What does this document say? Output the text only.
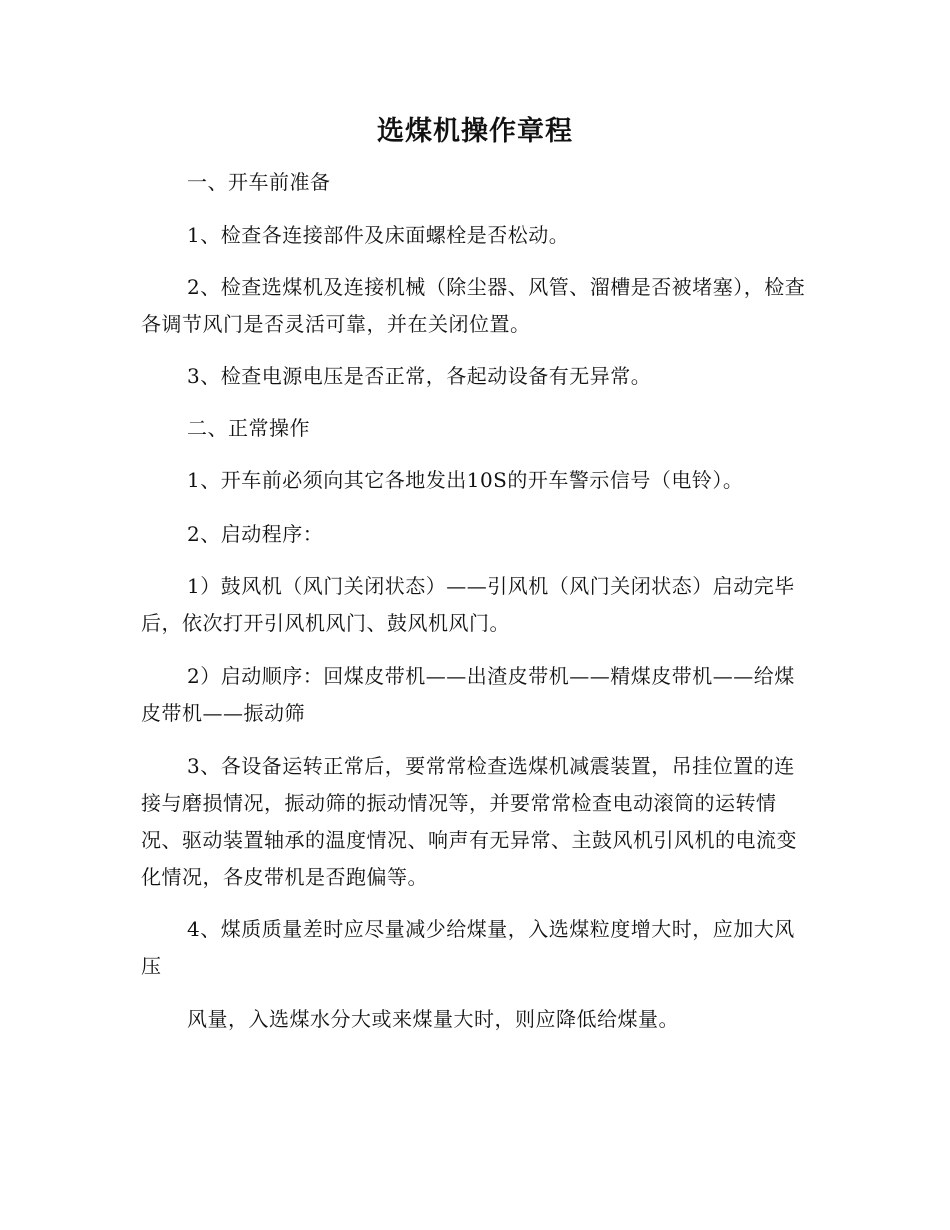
选煤机操作章程

一、开车前准备

1、检查各连接部件及床面螺栓是否松动。

2、检查选煤机及连接机械（除尘器、风管、溜槽是否被堵塞），检查各调节风门是否灵活可靠，并在关闭位置。

3、检查电源电压是否正常，各起动设备有无异常。

二、正常操作

1、开车前必须向其它各地发出10S的开车警示信号（电铃）。

2、启动程序：

1）鼓风机（风门关闭状态）——引风机（风门关闭状态）启动完毕后，依次打开引风机风门、鼓风机风门。

2）启动顺序：回煤皮带机——出渣皮带机——精煤皮带机——给煤皮带机——振动筛

3、各设备运转正常后，要常常检查选煤机减震装置，吊挂位置的连接与磨损情况，振动筛的振动情况等，并要常常检查电动滚筒的运转情况、驱动装置轴承的温度情况、响声有无异常、主鼓风机引风机的电流变化情况，各皮带机是否跑偏等。

4、煤质质量差时应尽量减少给煤量，入选煤粒度增大时，应加大风压

风量，入选煤水分大或来煤量大时，则应降低给煤量。
